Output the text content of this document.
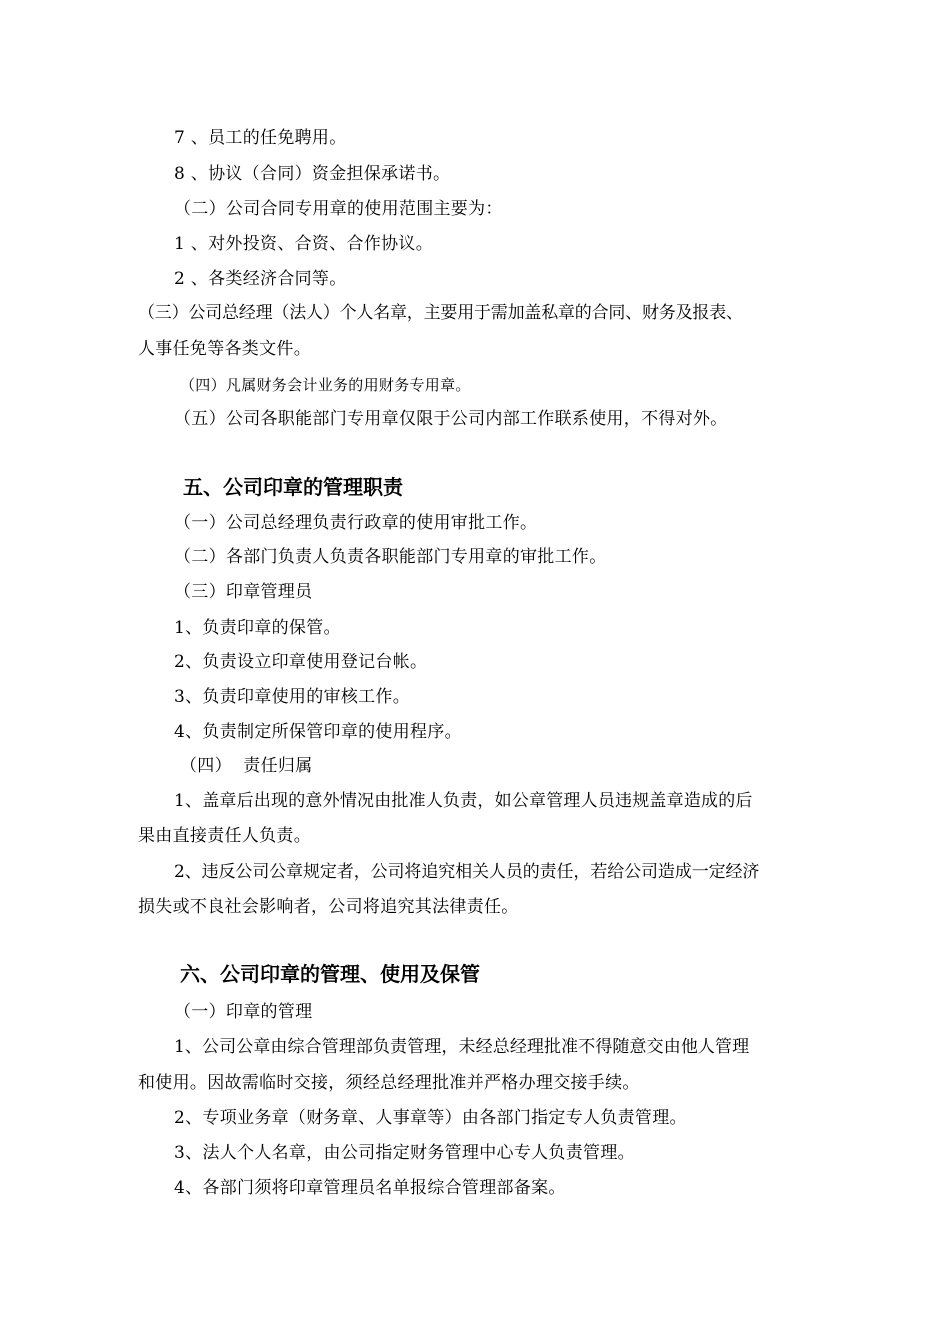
7 、员工的任免聘用。
8 、协议（合同）资金担保承诺书。
（二）公司合同专用章的使用范围主要为：
1 、对外投资、合资、合作协议。
2 、各类经济合同等。
（三）公司总经理（法人）个人名章，主要用于需加盖私章的合同、财务及报表、
人事任免等各类文件。
（四）凡属财务会计业务的用财务专用章。
（五）公司各职能部门专用章仅限于公司内部工作联系使用，不得对外。
五、公司印章的管理职责
（一）公司总经理负责行政章的使用审批工作。
（二）各部门负责人负责各职能部门专用章的审批工作。
（三）印章管理员
1、负责印章的保管。
2、负责设立印章使用登记台帐。
3、负责印章使用的审核工作。
4、负责制定所保管印章的使用程序。
（四）  责任归属
1、盖章后出现的意外情况由批准人负责，如公章管理人员违规盖章造成的后
果由直接责任人负责。
2、违反公司公章规定者，公司将追究相关人员的责任，若给公司造成一定经济
损失或不良社会影响者，公司将追究其法律责任。
六、公司印章的管理、使用及保管
（一）印章的管理
1、公司公章由综合管理部负责管理，未经总经理批准不得随意交由他人管理
和使用。因故需临时交接，须经总经理批准并严格办理交接手续。
2、专项业务章（财务章、人事章等）由各部门指定专人负责管理。
3、法人个人名章，由公司指定财务管理中心专人负责管理。
4、各部门须将印章管理员名单报综合管理部备案。
